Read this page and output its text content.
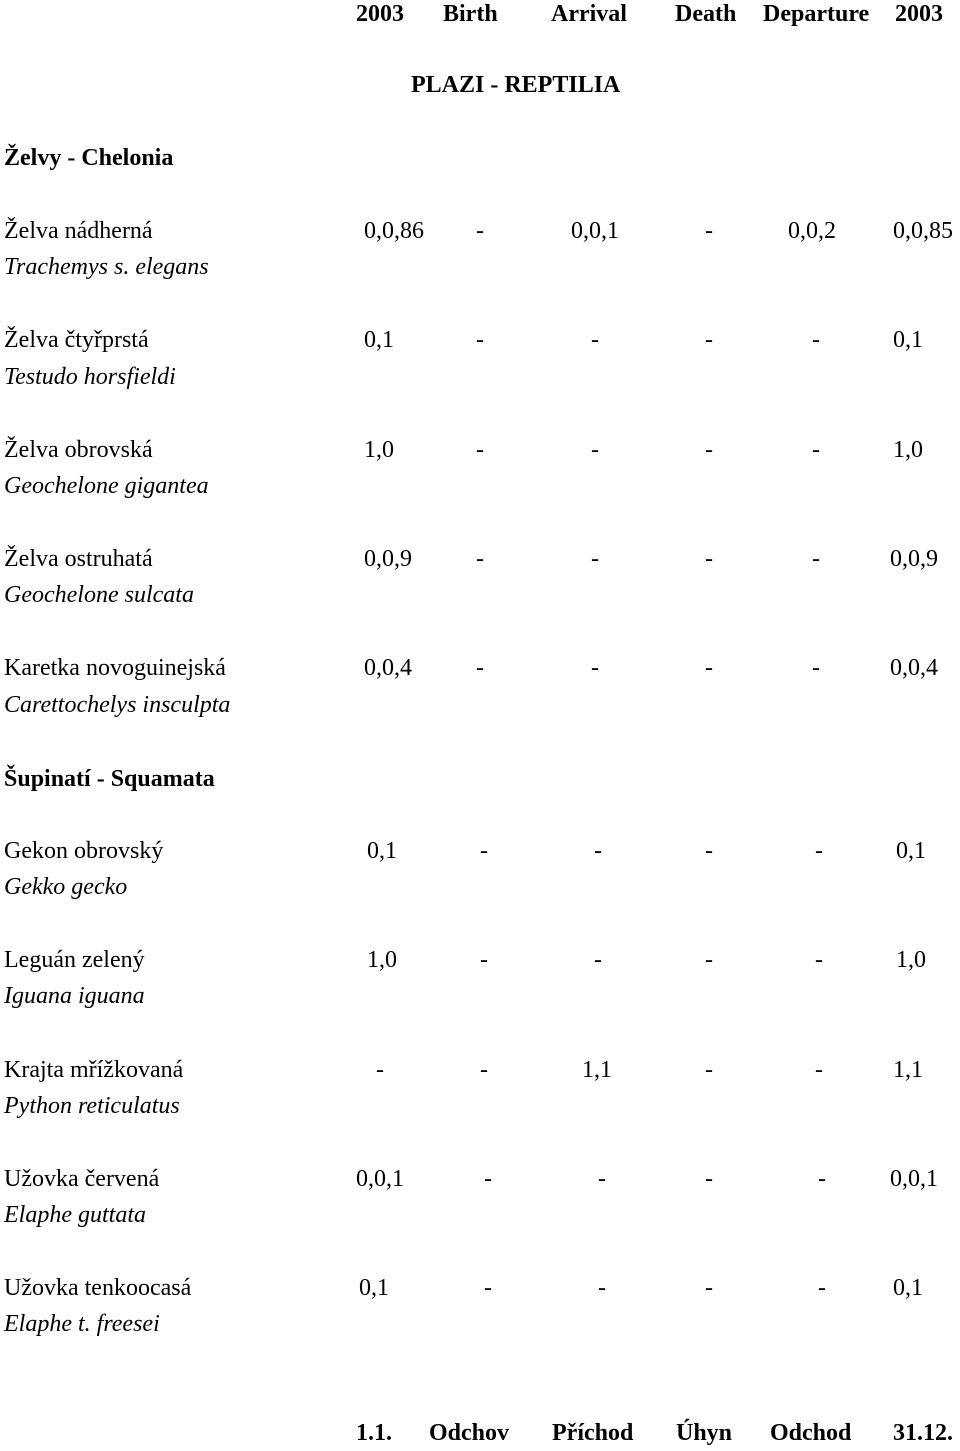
2003 Birth Arrival Death Departure 2003
PLAZI - REPTILIA
Želvy - Chelonia
Želva nádherná
Trachemys s. elegans
0,0,86 -	0,0,1	-	0,0,2 0,0,85
Želva čtyřprstá
Testudo horsfieldi
0,1	-	-	-	-	0,1
Želva obrovská
Geochelone gigantea
1,0	-	-	-	-	1,0
Želva ostruhatá
Geochelone sulcata
0,0,9	-	-	-	-	0,0,9
Karetka novoguinejská
Carettochelys insculpta
0,0,4	-	-	-	-	0,0,4
Šupinatí - Squamata
Gekon obrovský
Gekko gecko
0,1	-	-	-	-	0,1
Leguán zelený
Iguana iguana
1,0	-	-	-	-	1,0
Krajta mřížkovaná
Python reticulatus
-	-	1,1	-	-	1,1
Užovka červená
Elaphe guttata
0,0,1	-	-	-	-	0,0,1
Užovka tenkoocasá
Elaphe t. freesei
0,1	-	-	-	-	0,1
1.1. Odchov Příchod Úhyn Odchod 31.12.
